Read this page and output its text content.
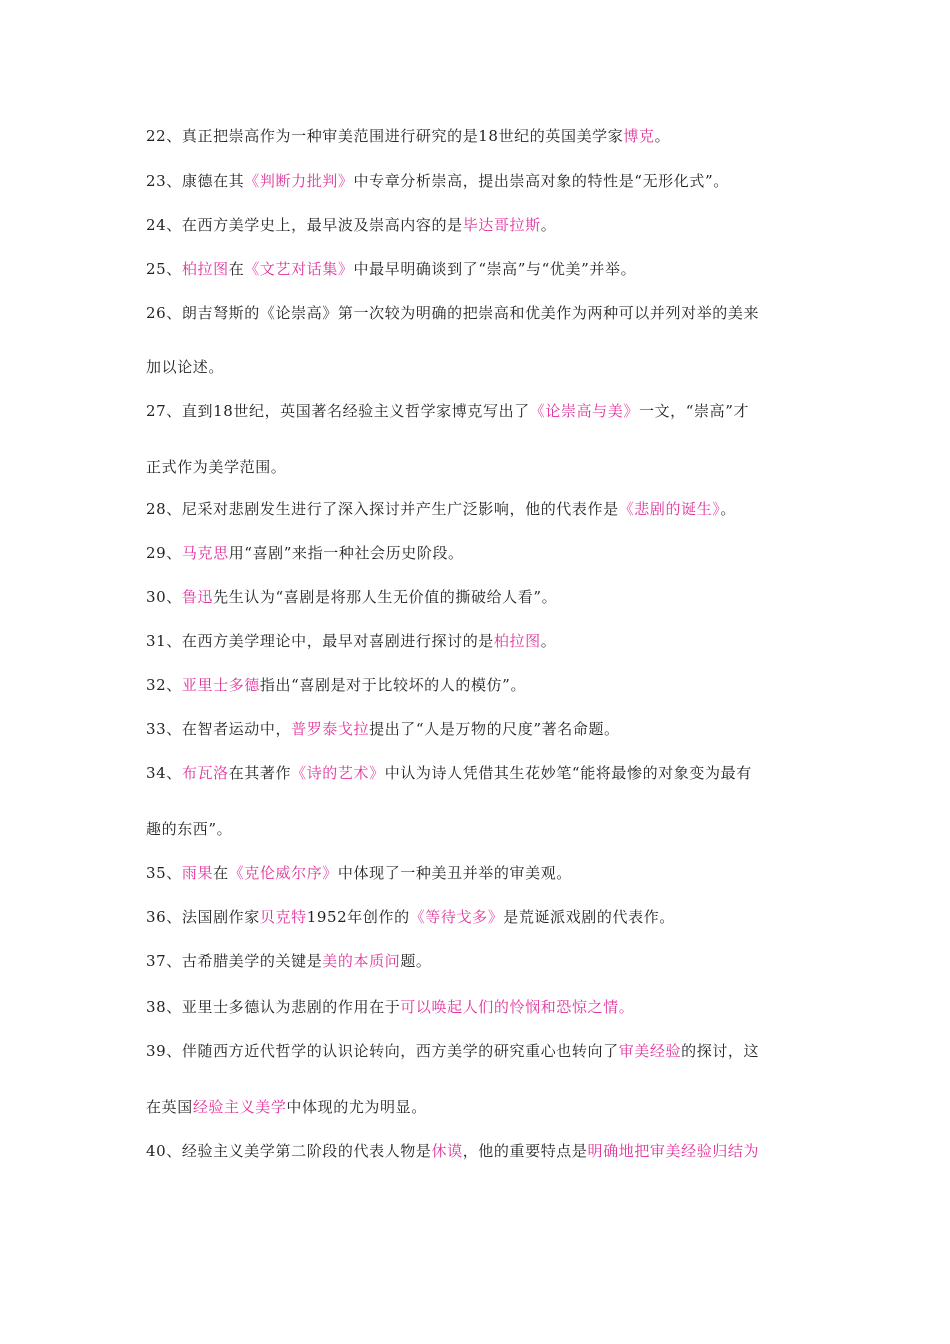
22、真正把崇高作为一种审美范围进行研究的是18世纪的英国美学家博克。
23、康德在其《判断力批判》中专章分析崇高，提出崇高对象的特性是“无形化式”。
24、在西方美学史上，最早波及崇高内容的是毕达哥拉斯。
25、柏拉图在《文艺对话集》中最早明确谈到了“崇高”与“优美”并举。
26、朗吉弩斯的《论崇高》第一次较为明确的把崇高和优美作为两种可以并列对举的美来
加以论述。
27、直到18世纪，英国著名经验主义哲学家博克写出了《论崇高与美》一文，“崇高”才
正式作为美学范围。
28、尼采对悲剧发生进行了深入探讨并产生广泛影响，他的代表作是《悲剧的诞生》。
29、马克思用“喜剧”来指一种社会历史阶段。
30、鲁迅先生认为“喜剧是将那人生无价值的撕破给人看”。
31、在西方美学理论中，最早对喜剧进行探讨的是柏拉图。
32、亚里士多德指出“喜剧是对于比较坏的人的模仿”。
33、在智者运动中，普罗泰戈拉提出了“人是万物的尺度”著名命题。
34、布瓦洛在其著作《诗的艺术》中认为诗人凭借其生花妙笔“能将最惨的对象变为最有
趣的东西”。
35、雨果在《克伦威尔序》中体现了一种美丑并举的审美观。
36、法国剧作家贝克特1952年创作的《等待戈多》是荒诞派戏剧的代表作。
37、古希腊美学的关键是美的本质问题。
38、亚里士多德认为悲剧的作用在于可以唤起人们的怜悯和恐惊之情。
39、伴随西方近代哲学的认识论转向，西方美学的研究重心也转向了审美经验的探讨，这
在英国经验主义美学中体现的尤为明显。
40、经验主义美学第二阶段的代表人物是休谟，他的重要特点是明确地把审美经验归结为
